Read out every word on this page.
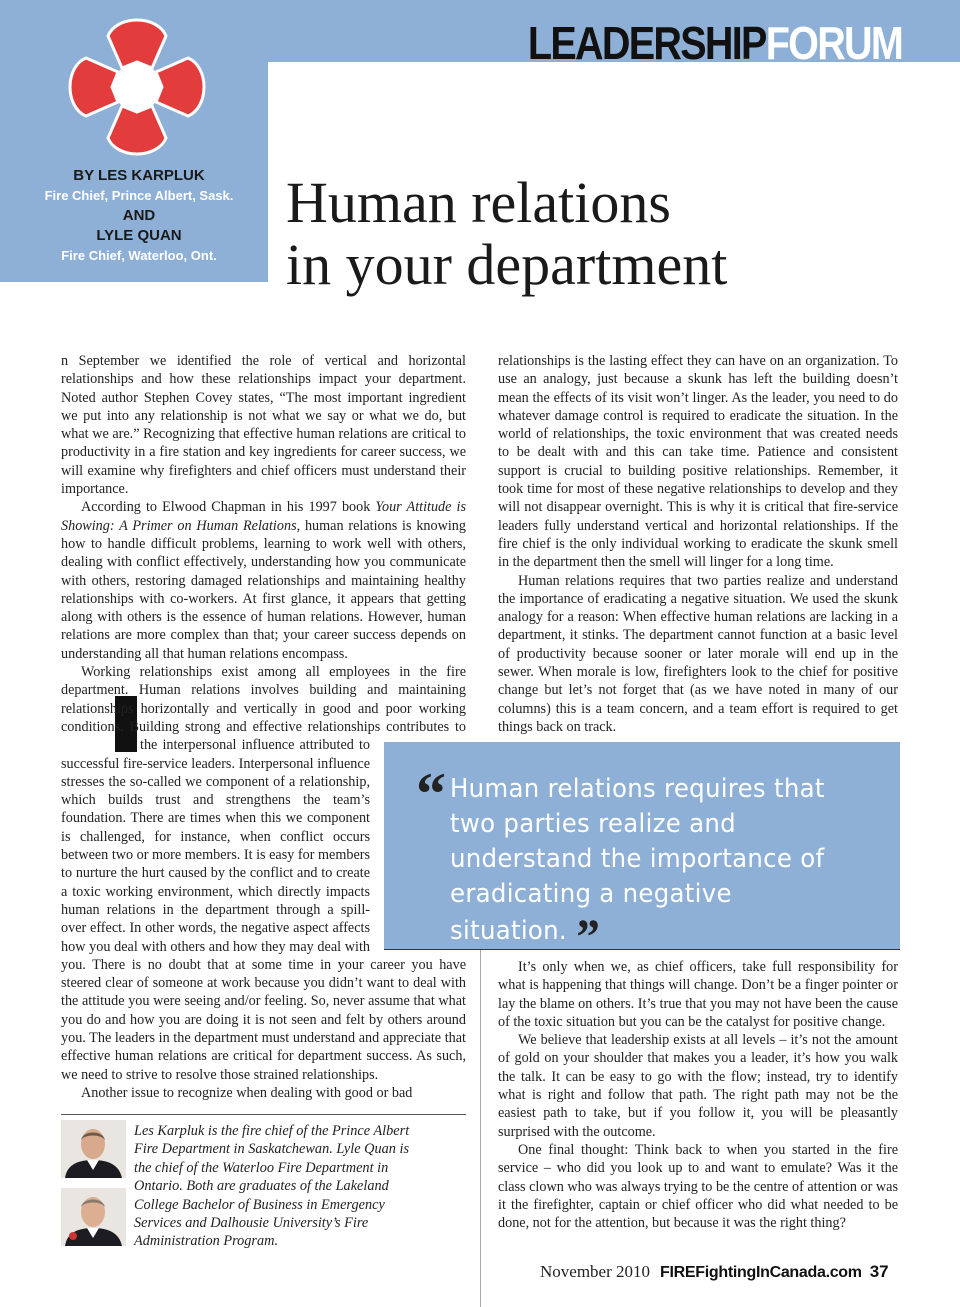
LEADERSHIPFORUM
BY LES KARPLUK
Fire Chief, Prince Albert, Sask.
AND
LYLE QUAN
Fire Chief, Waterloo, Ont.
Human relations
in your department

n September we identified the role of vertical and horizontal relationships and how these relationships impact your department. Noted author Stephen Covey states, “The most important ingredient we put into any relationship is not what we say or what we do, but what we are.” Recognizing that effective human relations are critical to productivity in a fire station and key ingredients for career success, we will examine why firefighters and chief officers must understand their importance.

According to Elwood Chapman in his 1997 book Your Attitude is Showing: A Primer on Human Relations, human relations is knowing how to handle difficult problems, learning to work well with others, dealing with conflict effectively, understanding how you communicate with others, restoring damaged relationships and maintaining healthy relationships with co-workers. At first glance, it appears that getting along with others is the essence of human relations. However, human relations are more complex than that; your career success depends on understanding all that human relations encompass.

Working relationships exist among all employees in the fire department. Human relations involves building and maintaining relationships horizontally and vertically in good and poor working conditions. Building strong and effective relationships contributes to the interpersonal influence attributed to successful fire-service leaders. Interpersonal influence stresses the so-called we component of a relationship, which builds trust and strengthens the team’s foundation. There are times when this we component is challenged, for instance, when conflict occurs between two or more members. It is easy for members to nurture the hurt caused by the conflict and to create a toxic working environment, which directly impacts human relations in the department through a spill-over effect. In other words, the negative aspect affects how you deal with others and how they may deal with you. There is no doubt that at some time in your career you have steered clear of someone at work because you didn’t want to deal with the attitude you were seeing and/or feeling. So, never assume that what you do and how you are doing it is not seen and felt by others around you. The leaders in the department must understand and appreciate that effective human relations are critical for department success. As such, we need to strive to resolve those strained relationships.

Another issue to recognize when dealing with good or bad

relationships is the lasting effect they can have on an organization. To use an analogy, just because a skunk has left the building doesn’t mean the effects of its visit won’t linger. As the leader, you need to do whatever damage control is required to eradicate the situation. In the world of relationships, the toxic environment that was created needs to be dealt with and this can take time. Patience and consistent support is crucial to building positive relationships. Remember, it took time for most of these negative relationships to develop and they will not disappear overnight. This is why it is critical that fire-service leaders fully understand vertical and horizontal relationships. If the fire chief is the only individual working to eradicate the skunk smell in the department then the smell will linger for a long time.

Human relations requires that two parties realize and understand the importance of eradicating a negative situation. We used the skunk analogy for a reason: When effective human relations are lacking in a department, it stinks. The department cannot function at a basic level of productivity because sooner or later morale will end up in the sewer. When morale is low, firefighters look to the chief for positive change but let’s not forget that (as we have noted in many of our columns) this is a team concern, and a team effort is required to get things back on track.

“ Human relations requires that two parties realize and understand the importance of eradicating a negative situation. ”

It’s only when we, as chief officers, take full responsibility for what is happening that things will change. Don’t be a finger pointer or lay the blame on others. It’s true that you may not have been the cause of the toxic situation but you can be the catalyst for positive change.

We believe that leadership exists at all levels – it’s not the amount of gold on your shoulder that makes you a leader, it’s how you walk the talk. It can be easy to go with the flow; instead, try to identify what is right and follow that path. The right path may not be the easiest path to take, but if you follow it, you will be pleasantly surprised with the outcome.

One final thought: Think back to when you started in the fire service – who did you look up to and want to emulate? Was it the class clown who was always trying to be the centre of attention or was it the firefighter, captain or chief officer who did what needed to be done, not for the attention, but because it was the right thing?

Les Karpluk is the fire chief of the Prince Albert Fire Department in Saskatchewan. Lyle Quan is the chief of the Waterloo Fire Department in Ontario. Both are graduates of the Lakeland College Bachelor of Business in Emergency Services and Dalhousie University’s Fire Administration Program.
November 2010 FIREFightingInCanada.com 37
